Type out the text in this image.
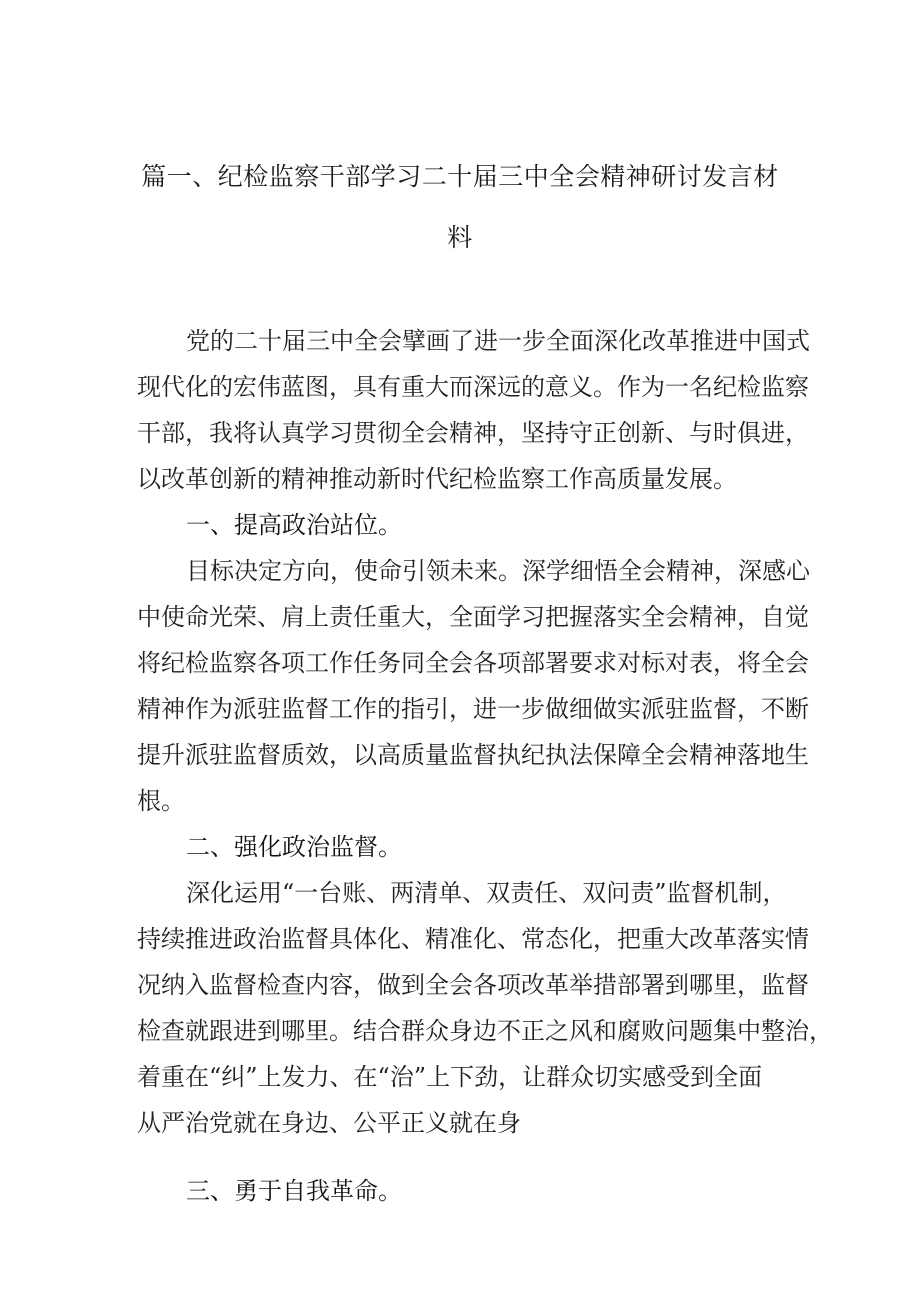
篇一、纪检监察干部学习二十届三中全会精神研讨发言材
料
党的二十届三中全会擘画了进一步全面深化改革推进中国式
现代化的宏伟蓝图，具有重大而深远的意义。作为一名纪检监察
干部，我将认真学习贯彻全会精神，坚持守正创新、与时俱进，
以改革创新的精神推动新时代纪检监察工作高质量发展。
一、提高政治站位。
目标决定方向，使命引领未来。深学细悟全会精神，深感心
中使命光荣、肩上责任重大，全面学习把握落实全会精神，自觉
将纪检监察各项工作任务同全会各项部署要求对标对表，将全会
精神作为派驻监督工作的指引，进一步做细做实派驻监督，不断
提升派驻监督质效，以高质量监督执纪执法保障全会精神落地生
根。
二、强化政治监督。
深化运用“一台账、两清单、双责任、双问责”监督机制，
持续推进政治监督具体化、精准化、常态化，把重大改革落实情
况纳入监督检查内容，做到全会各项改革举措部署到哪里，监督
检查就跟进到哪里。结合群众身边不正之风和腐败问题集中整治，
着重在“纠”上发力、在“治”上下劲，让群众切实感受到全面
从严治党就在身边、公平正义就在身
三、勇于自我革命。
